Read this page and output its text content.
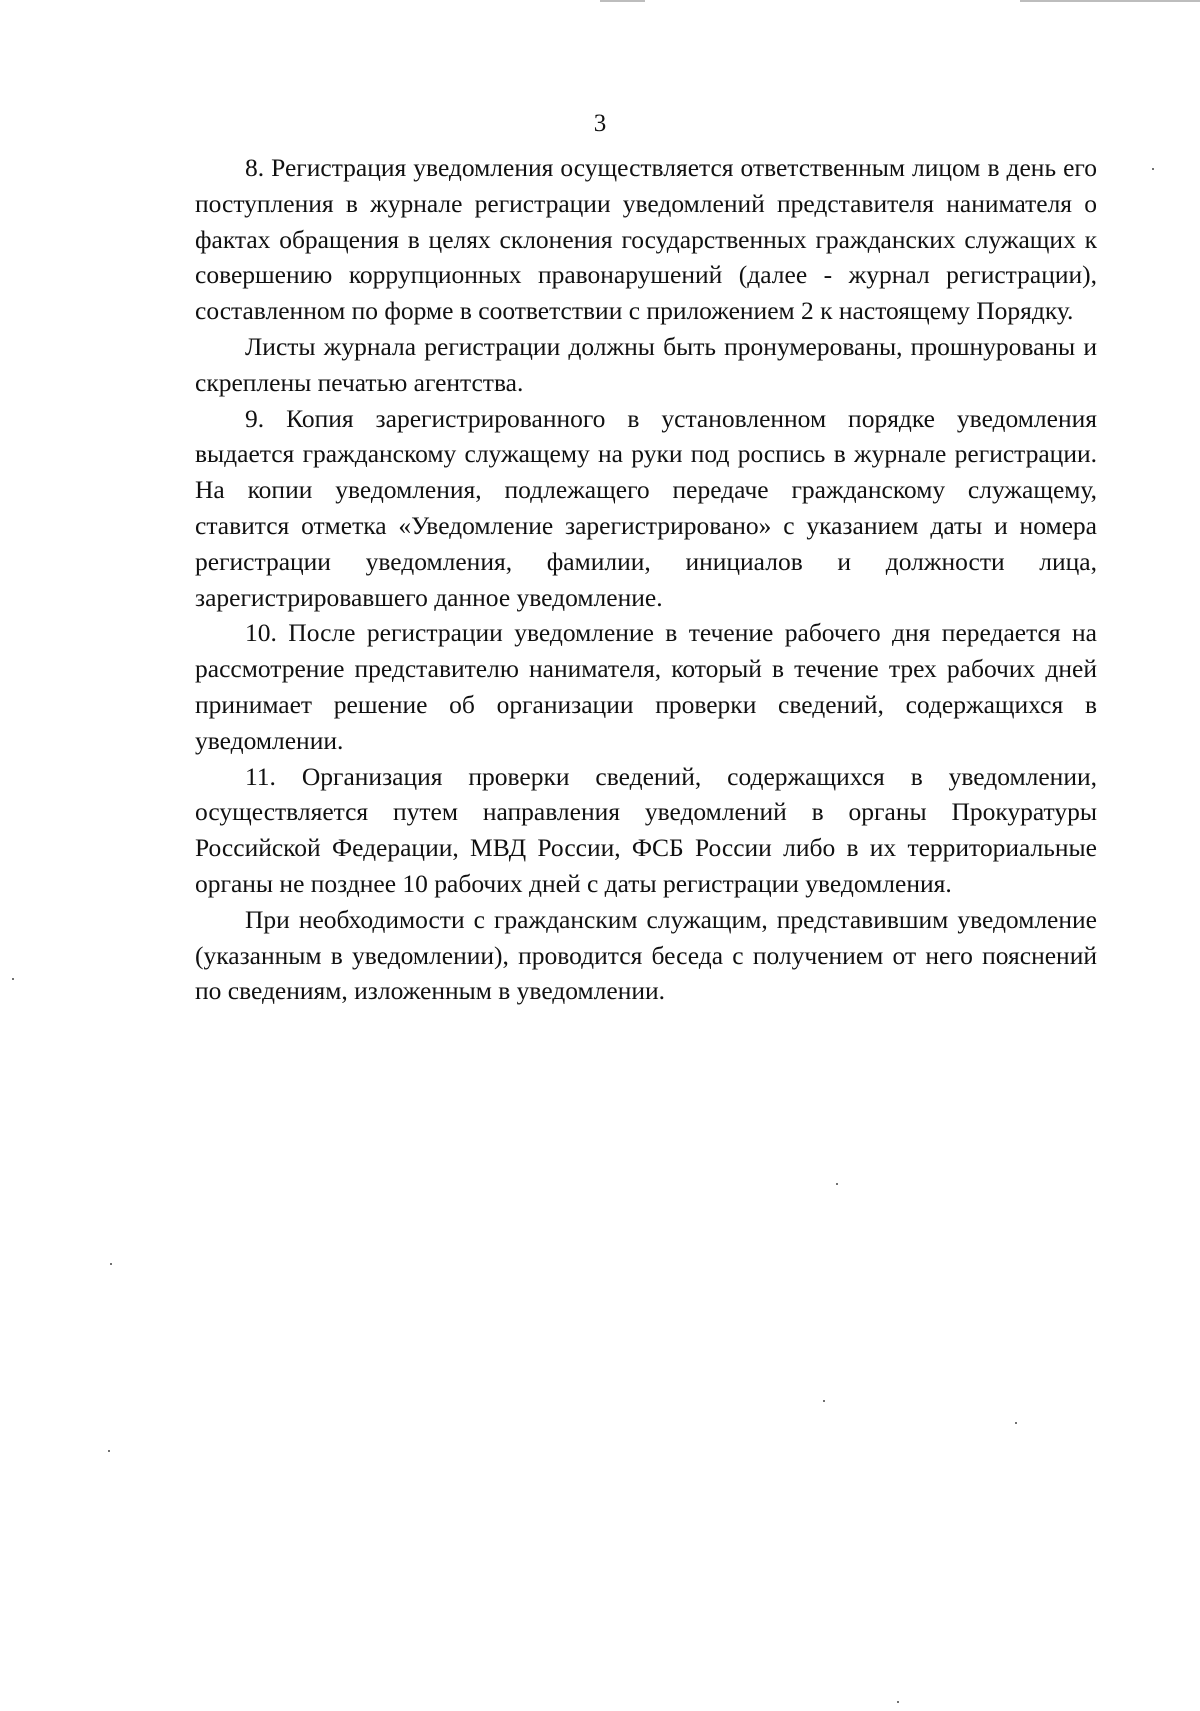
3

8. Регистрация уведомления осуществляется ответственным лицом в день его поступления в журнале регистрации уведомлений представителя нанимателя о фактах обращения в целях склонения государственных гражданских служащих к совершению коррупционных правонарушений (далее - журнал регистрации), составленном по форме в соответствии с приложением 2 к настоящему Порядку.

Листы журнала регистрации должны быть пронумерованы, прошнурованы и скреплены печатью агентства.

9. Копия зарегистрированного в установленном порядке уведомления выдается гражданскому служащему на руки под роспись в журнале регистрации. На копии уведомления, подлежащего передаче гражданскому служащему, ставится отметка «Уведомление зарегистрировано» с указанием даты и номера регистрации уведомления, фамилии, инициалов и должности лица, зарегистрировавшего данное уведомление.

10. После регистрации уведомление в течение рабочего дня передается на рассмотрение представителю нанимателя, который в течение трех рабочих дней принимает решение об организации проверки сведений, содержащихся в уведомлении.

11. Организация проверки сведений, содержащихся в уведомлении, осуществляется путем направления уведомлений в органы Прокуратуры Российской Федерации, МВД России, ФСБ России либо в их территориальные органы не позднее 10 рабочих дней с даты регистрации уведомления.

При необходимости с гражданским служащим, представившим уведомление (указанным в уведомлении), проводится беседа с получением от него пояснений по сведениям, изложенным в уведомлении.
